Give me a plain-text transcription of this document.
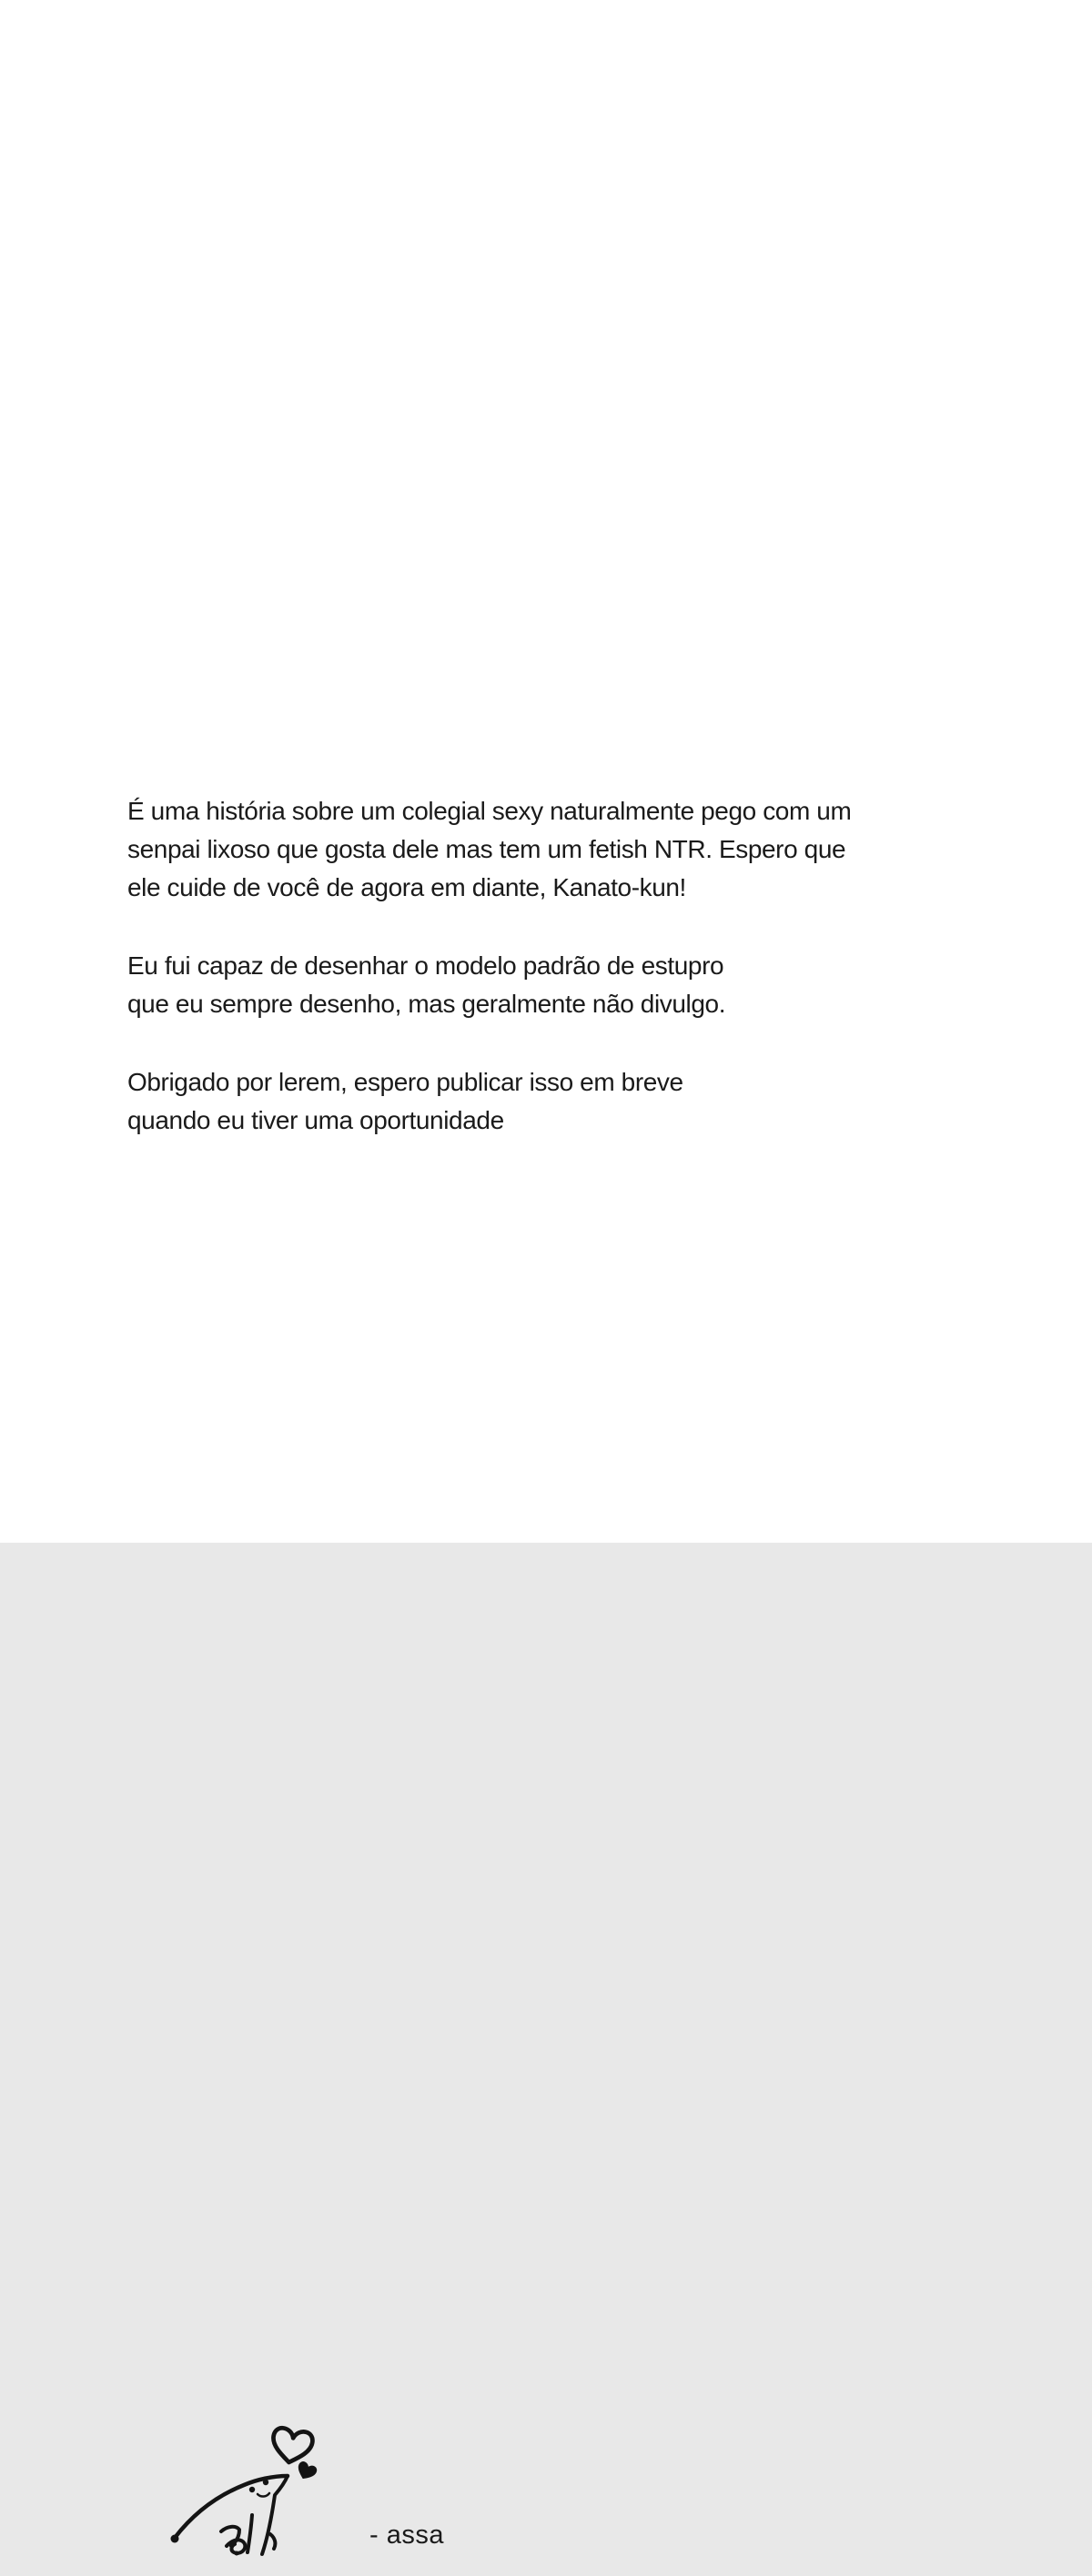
É uma história sobre um colegial sexy naturalmente pego com um
senpai lixoso que gosta dele mas tem um fetish NTR. Espero que
ele cuide de você de agora em diante, Kanato-kun!

Eu fui capaz de desenhar o modelo padrão de estupro
que eu sempre desenho, mas geralmente não divulgo.

Obrigado por lerem, espero publicar isso em breve
quando eu tiver uma oportunidade

- assa
